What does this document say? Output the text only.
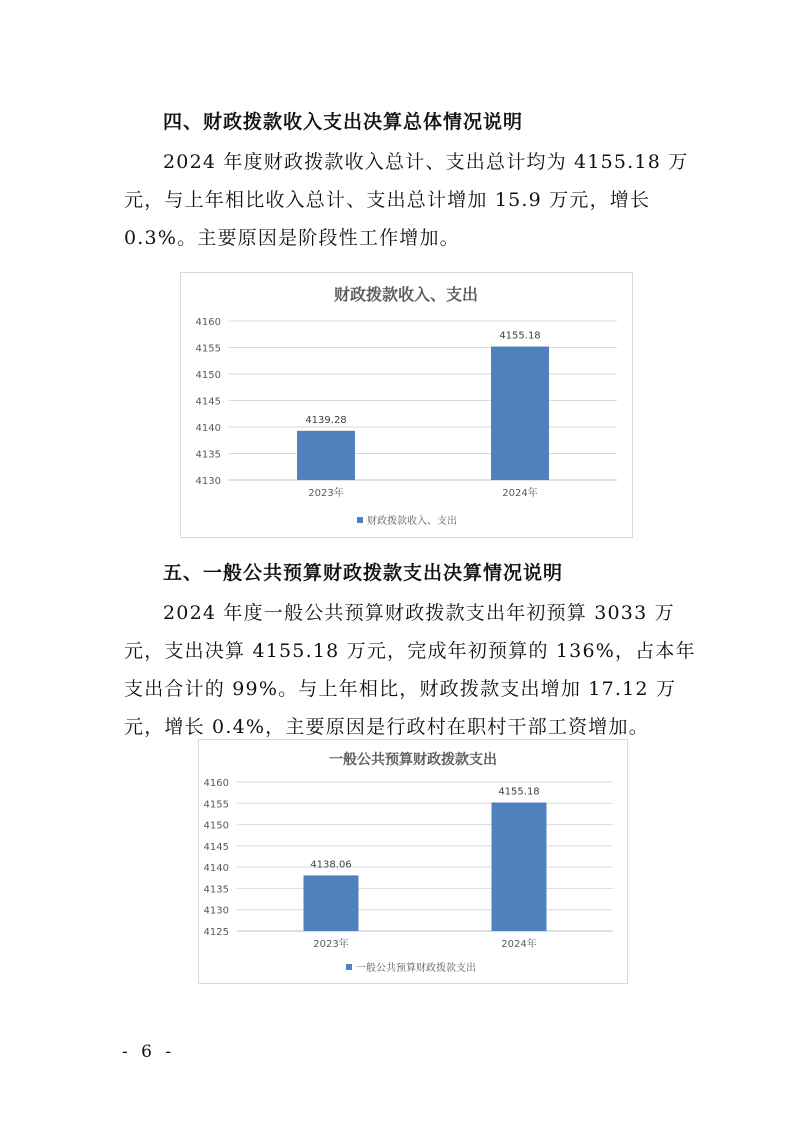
四、财政拨款收入支出决算总体情况说明
2024 年度财政拨款收入总计、支出总计均为 4155.18 万
元，与上年相比收入总计、支出总计增加 15.9 万元，增长
0.3%。主要原因是阶段性工作增加。
财政拨款收入、支出
4130
4135
4140
4145
4150
4155
4160
4139.28
2023年
4155.18
2024年
财政拨款收入、支出
五、一般公共预算财政拨款支出决算情况说明
2024 年度一般公共预算财政拨款支出年初预算 3033 万
元，支出决算 4155.18 万元，完成年初预算的 136%，占本年
支出合计的 99%。与上年相比，财政拨款支出增加 17.12 万
元，增长 0.4%，主要原因是行政村在职村干部工资增加。
一般公共预算财政拨款支出
4125
4130
4135
4140
4145
4150
4155
4160
4138.06
2023年
4155.18
2024年
一般公共预算财政拨款支出
- 6 -
